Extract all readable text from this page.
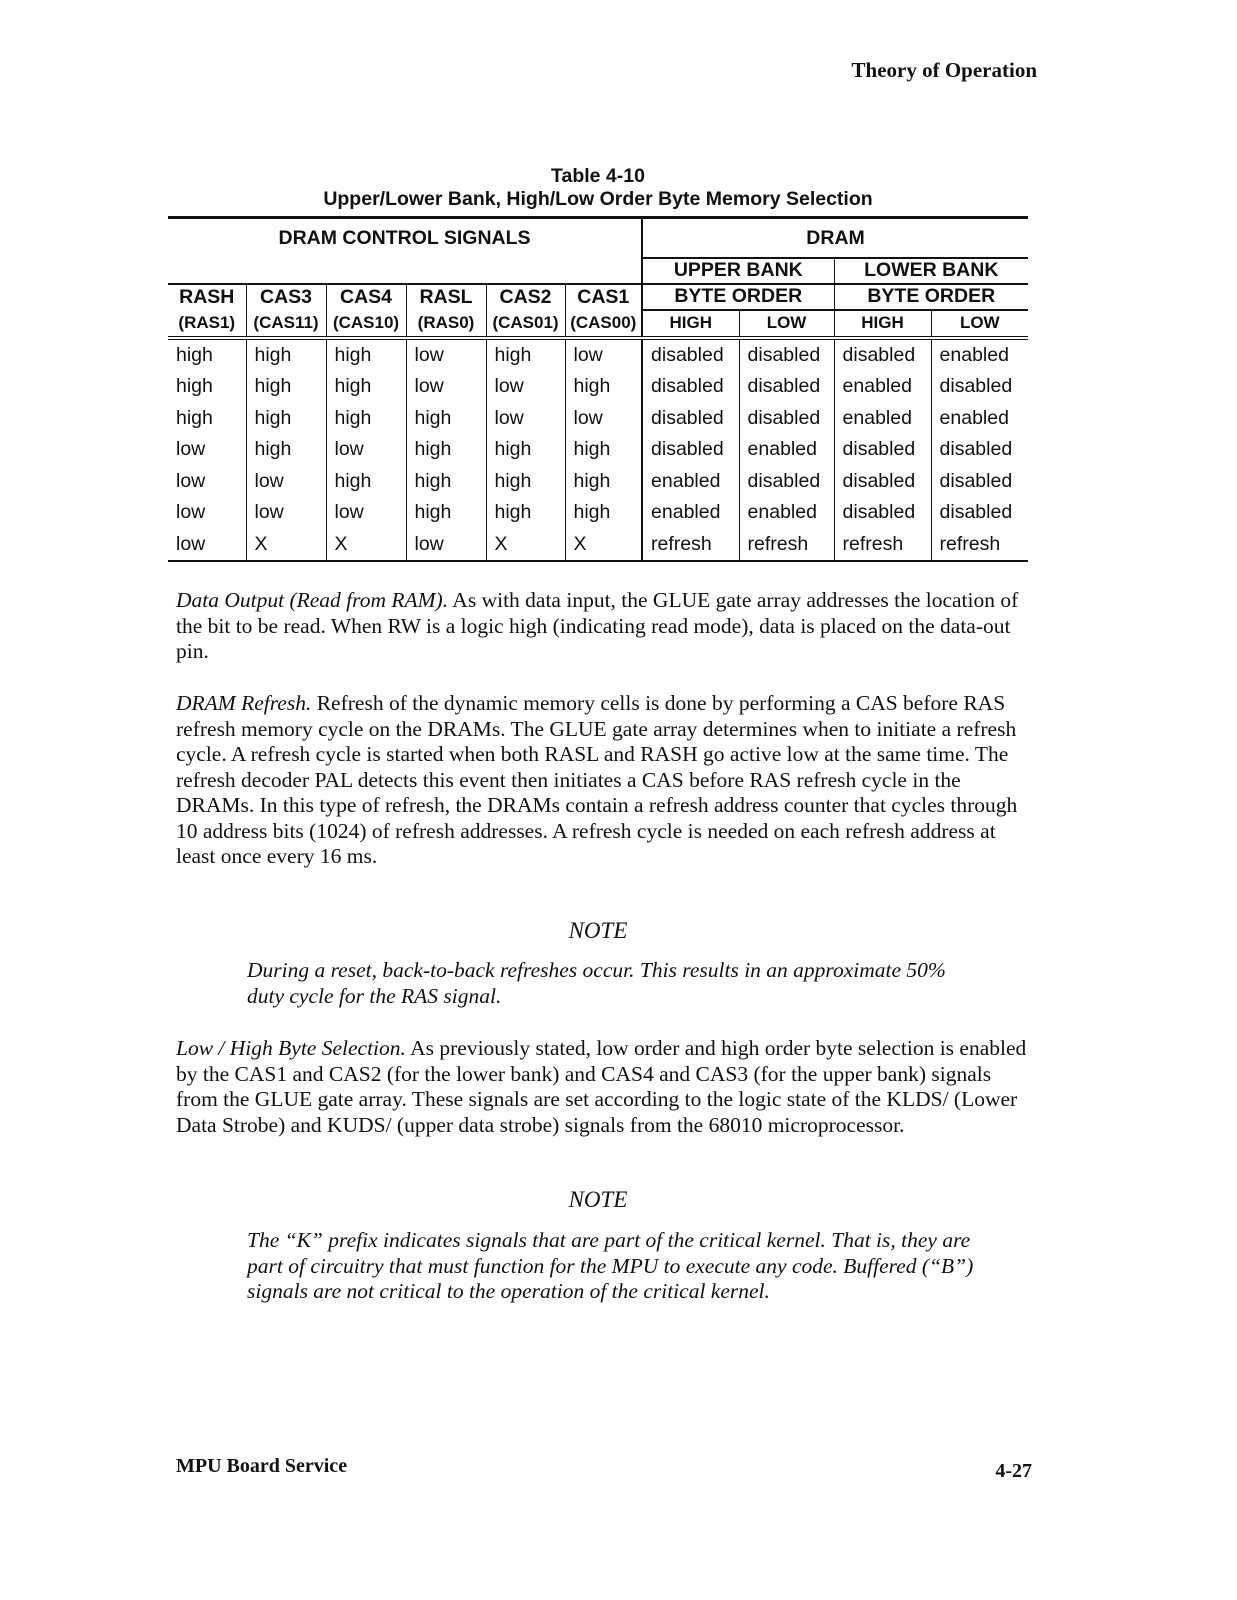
Theory of Operation
Table 4-10
Upper/Lower Bank, High/Low Order Byte Memory Selection
DRAM CONTROL SIGNALS						DRAM			
						UPPER BANK		LOWER BANK	
RASH	CAS3	CAS4	RASL	CAS2	CAS1	BYTE ORDER		BYTE ORDER	
(RAS1)	(CAS11)	(CAS10)	(RAS0)	(CAS01)	(CAS00)	HIGH	LOW	HIGH	LOW
high	high	high	low	high	low	disabled	disabled	disabled	enabled
high	high	high	low	low	high	disabled	disabled	enabled	disabled
high	high	high	high	low	low	disabled	disabled	enabled	enabled
low	high	low	high	high	high	disabled	enabled	disabled	disabled
low	low	high	high	high	high	enabled	disabled	disabled	disabled
low	low	low	high	high	high	enabled	enabled	disabled	disabled
low	X	X	low	X	X	refresh	refresh	refresh	refresh
Data Output (Read from RAM). As with data input, the GLUE gate array addresses the location of the bit to be read. When RW is a logic high (indicating read mode), data is placed on the data-out pin.
DRAM Refresh. Refresh of the dynamic memory cells is done by performing a CAS before RAS refresh memory cycle on the DRAMs. The GLUE gate array determines when to initiate a refresh cycle. A refresh cycle is started when both RASL and RASH go active low at the same time. The refresh decoder PAL detects this event then initiates a CAS before RAS refresh cycle in the DRAMs. In this type of refresh, the DRAMs contain a refresh address counter that cycles through 10 address bits (1024) of refresh addresses. A refresh cycle is needed on each refresh address at least once every 16 ms.
NOTE
During a reset, back-to-back refreshes occur. This results in an approximate 50% duty cycle for the RAS signal.
Low / High Byte Selection. As previously stated, low order and high order byte selection is enabled by the CAS1 and CAS2 (for the lower bank) and CAS4 and CAS3 (for the upper bank) signals from the GLUE gate array. These signals are set according to the logic state of the KLDS/ (Lower Data Strobe) and KUDS/ (upper data strobe) signals from the 68010 microprocessor.
NOTE
The “K” prefix indicates signals that are part of the critical kernel. That is, they are part of circuitry that must function for the MPU to execute any code. Buffered (“B”) signals are not critical to the operation of the critical kernel.
MPU Board Service	4-27
